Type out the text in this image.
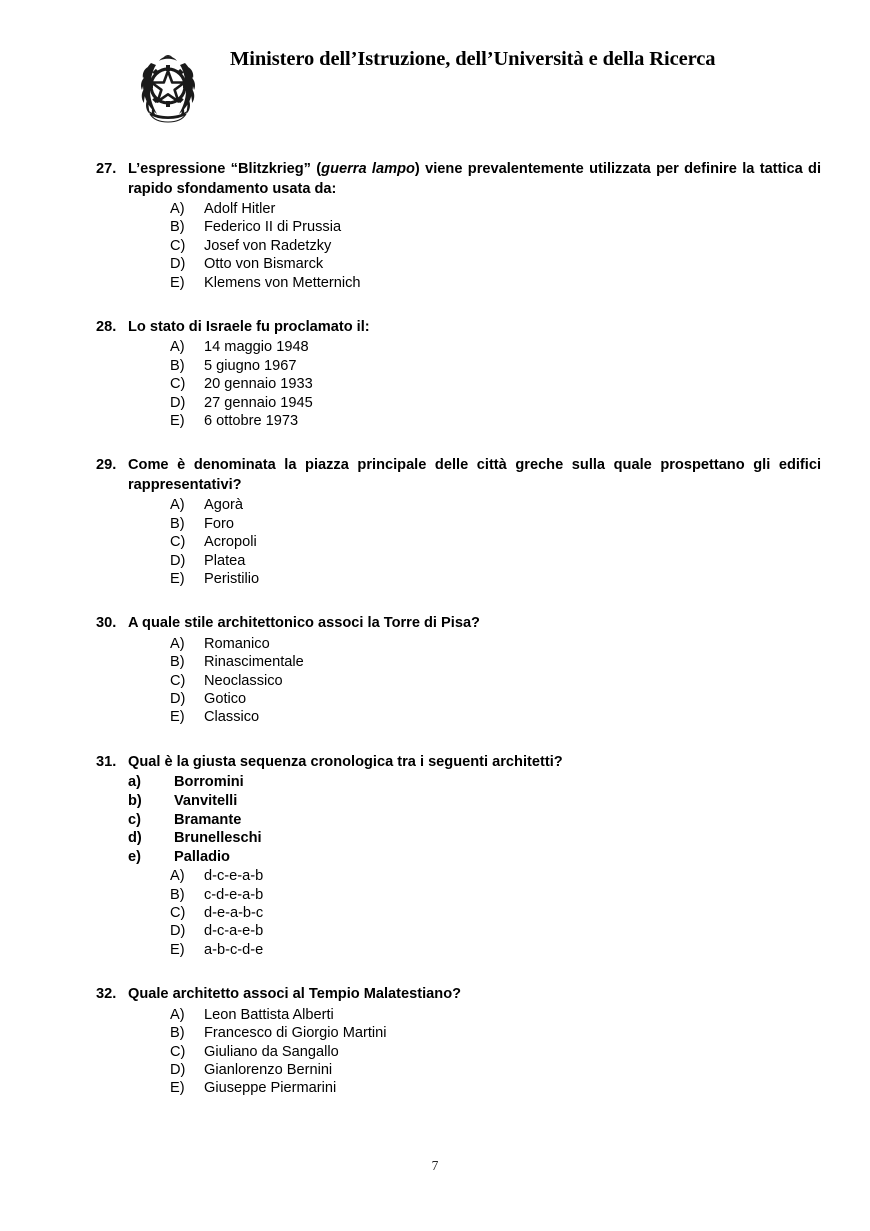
Ministero dell’Istruzione, dell’Università e della Ricerca
27. L’espressione “Blitzkrieg” (guerra lampo) viene prevalentemente utilizzata per definire la tattica di rapido sfondamento usata da:
A)	Adolf Hitler
B)	Federico II di Prussia
C)	Josef von Radetzky
D)	Otto von Bismarck
E)	Klemens von Metternich
28. Lo stato di Israele fu proclamato il:
A)	14 maggio 1948
B)	5 giugno 1967
C)	20 gennaio 1933
D)	27 gennaio 1945
E)	6 ottobre 1973
29. Come è denominata la piazza principale delle città greche sulla quale prospettano gli edifici rappresentativi?
A)	Agorà
B)	Foro
C)	Acropoli
D)	Platea
E)	Peristilio
30. A quale stile architettonico associ la Torre di Pisa?
A)	Romanico
B)	Rinascimentale
C)	Neoclassico
D)	Gotico
E)	Classico
31. Qual è la giusta sequenza cronologica tra i seguenti architetti?
a)	Borromini
b)	Vanvitelli
c)	Bramante
d)	Brunelleschi
e)	Palladio
A)	d-c-e-a-b
B)	c-d-e-a-b
C)	d-e-a-b-c
D)	d-c-a-e-b
E)	a-b-c-d-e
32. Quale architetto associ al Tempio Malatestiano?
A)	Leon Battista Alberti
B)	Francesco di Giorgio Martini
C)	Giuliano da Sangallo
D)	Gianlorenzo Bernini
E)	Giuseppe Piermarini
7
